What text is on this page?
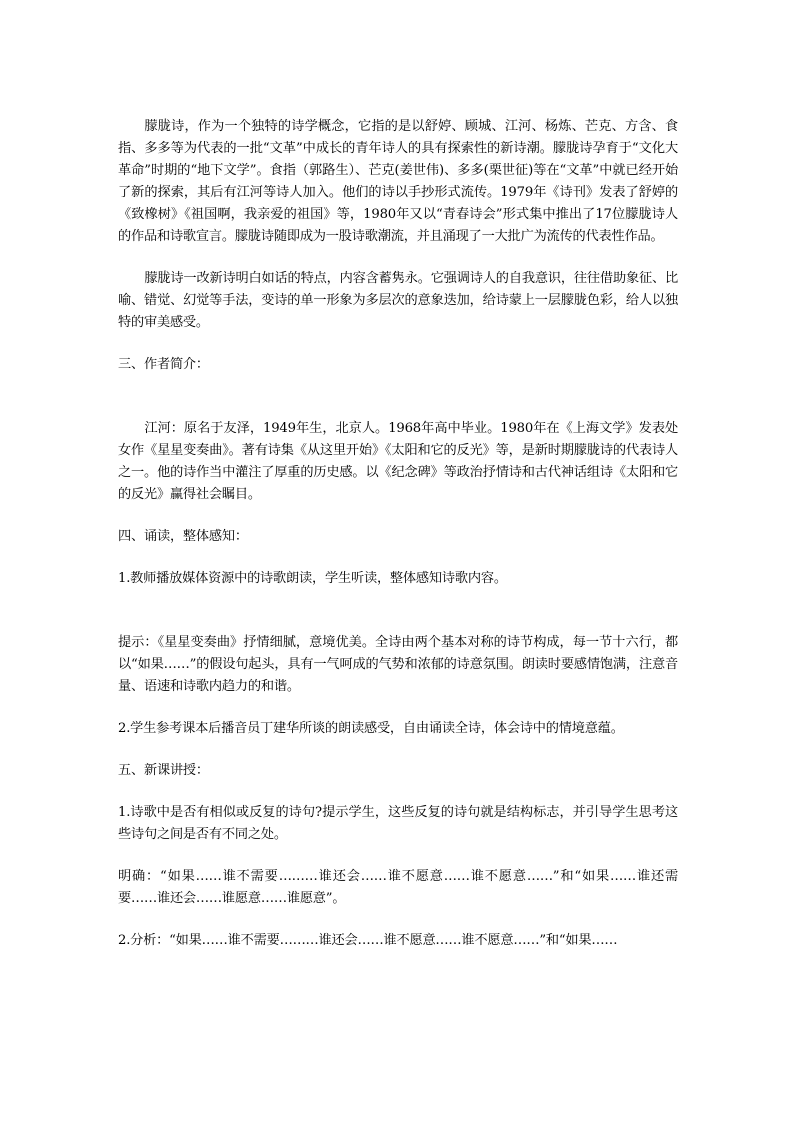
朦胧诗，作为一个独特的诗学概念，它指的是以舒婷、顾城、江河、杨炼、芒克、方含、食指、多多等为代表的一批“文革”中成长的青年诗人的具有探索性的新诗潮。朦胧诗孕育于“文化大革命”时期的“地下文学”。食指（郭路生）、芒克(姜世伟)、多多(栗世征)等在“文革”中就已经开始了新的探索，其后有江河等诗人加入。他们的诗以手抄形式流传。1979年《诗刊》发表了舒婷的《致橡树》《祖国啊，我亲爱的祖国》等，1980年又以“青春诗会”形式集中推出了17位朦胧诗人的作品和诗歌宣言。朦胧诗随即成为一股诗歌潮流，并且涌现了一大批广为流传的代表性作品。

朦胧诗一改新诗明白如话的特点，内容含蓄隽永。它强调诗人的自我意识，往往借助象征、比喻、错觉、幻觉等手法，变诗的单一形象为多层次的意象迭加，给诗蒙上一层朦胧色彩，给人以独特的审美感受。

三、作者简介：

江河：原名于友泽，1949年生，北京人。1968年高中毕业。1980年在《上海文学》发表处女作《星星变奏曲》。著有诗集《从这里开始》《太阳和它的反光》等，是新时期朦胧诗的代表诗人之一。他的诗作当中灌注了厚重的历史感。以《纪念碑》等政治抒情诗和古代神话组诗《太阳和它的反光》赢得社会瞩目。

四、诵读，整体感知：

1.教师播放媒体资源中的诗歌朗读，学生听读，整体感知诗歌内容。

提示：《星星变奏曲》抒情细腻，意境优美。全诗由两个基本对称的诗节构成，每一节十六行，都以“如果……”的假设句起头，具有一气呵成的气势和浓郁的诗意氛围。朗读时要感情饱满，注意音量、语速和诗歌内趋力的和谐。

2.学生参考课本后播音员丁建华所谈的朗读感受，自由诵读全诗，体会诗中的情境意蕴。

五、新课讲授：

1.诗歌中是否有相似或反复的诗句?提示学生，这些反复的诗句就是结构标志，并引导学生思考这些诗句之间是否有不同之处。

明确：“如果……谁不需要………谁还会……谁不愿意……谁不愿意……”和“如果……谁还需要……谁还会……谁愿意……谁愿意”。

2.分析：“如果……谁不需要………谁还会……谁不愿意……谁不愿意……”和“如果……
